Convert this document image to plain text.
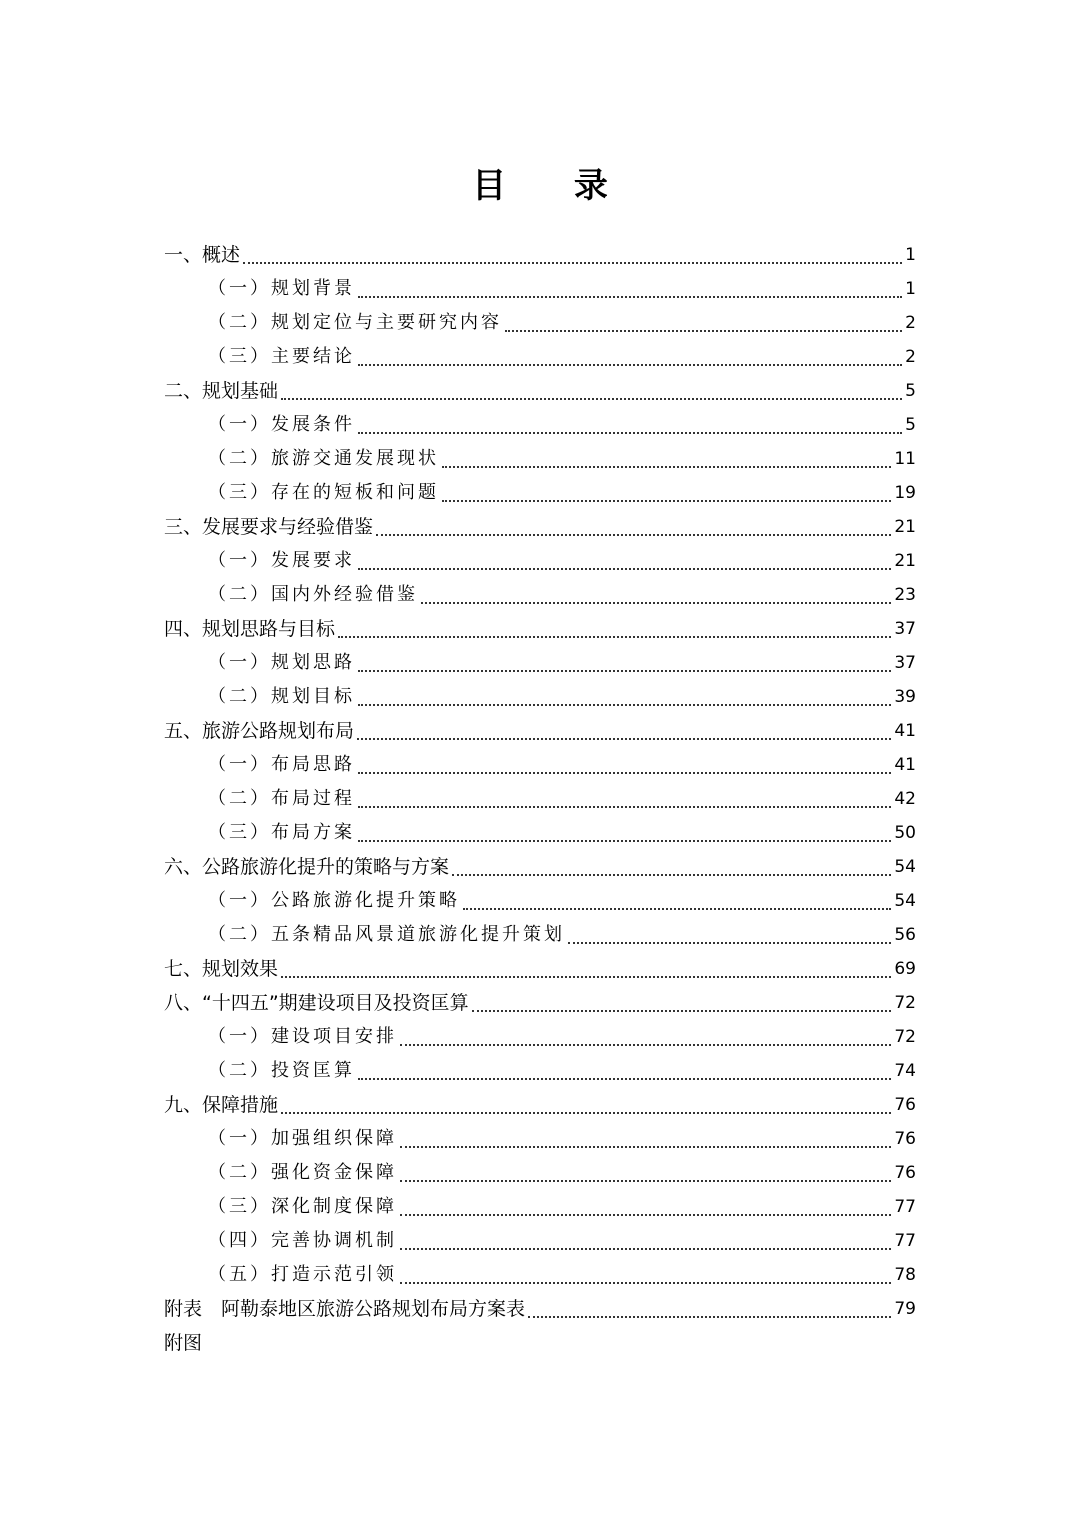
目 录
一、概述	1
（一）规划背景	1
（二）规划定位与主要研究内容	2
（三）主要结论	2
二、规划基础	5
（一）发展条件	5
（二）旅游交通发展现状	11
（三）存在的短板和问题	19
三、发展要求与经验借鉴	21
（一）发展要求	21
（二）国内外经验借鉴	23
四、规划思路与目标	37
（一）规划思路	37
（二）规划目标	39
五、旅游公路规划布局	41
（一）布局思路	41
（二）布局过程	42
（三）布局方案	50
六、公路旅游化提升的策略与方案	54
（一）公路旅游化提升策略	54
（二）五条精品风景道旅游化提升策划	56
七、规划效果	69
八、“十四五”期建设项目及投资匡算	72
（一）建设项目安排	72
（二）投资匡算	74
九、保障措施	76
（一）加强组织保障	76
（二）强化资金保障	76
（三）深化制度保障	77
（四）完善协调机制	77
（五）打造示范引领	78
附表　阿勒泰地区旅游公路规划布局方案表	79
附图
